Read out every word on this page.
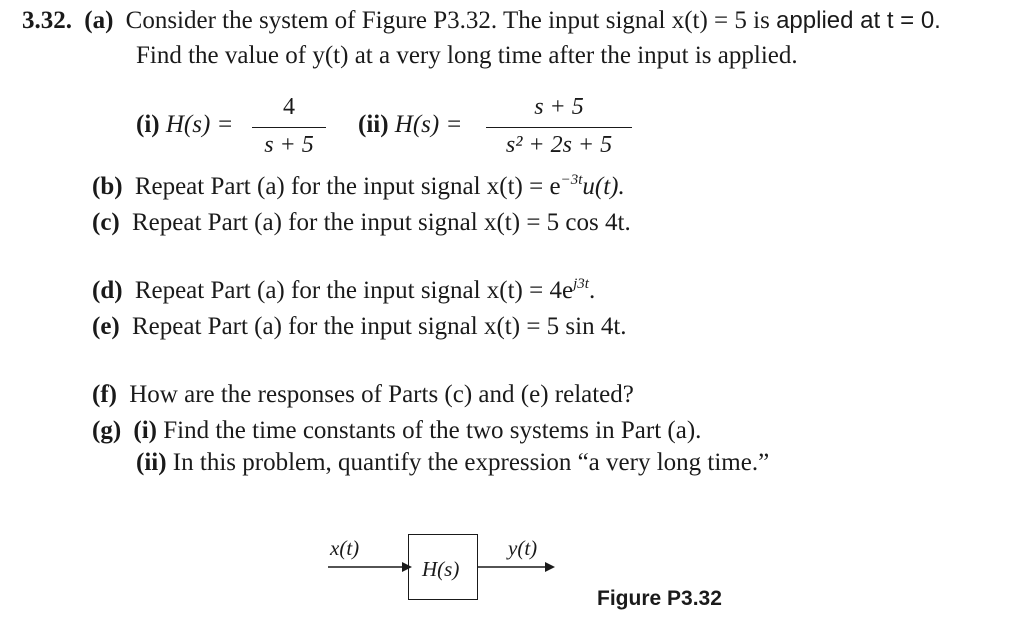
3.32. (a) Consider the system of Figure P3.32. The input signal x(t) = 5 is applied at t = 0.
Find the value of y(t) at a very long time after the input is applied.
(i) H(s) =
4
s + 5
(ii) H(s) =
s + 5
s² + 2s + 5
(b) Repeat Part (a) for the input signal $x(t) = e^{-3t}u(t)$.
(c) Repeat Part (a) for the input signal x(t) = 5 cos 4t.
(d) Repeat Part (a) for the input signal $x(t) = 4e^{j3t}$.
(e) Repeat Part (a) for the input signal x(t) = 5 sin 4t.
(f) How are the responses of Parts (c) and (e) related?
(g) (i) Find the time constants of the two systems in Part (a).
(ii) In this problem, quantify the expression “a very long time.”
x(t)
H(s)
y(t)
Figure P3.32
